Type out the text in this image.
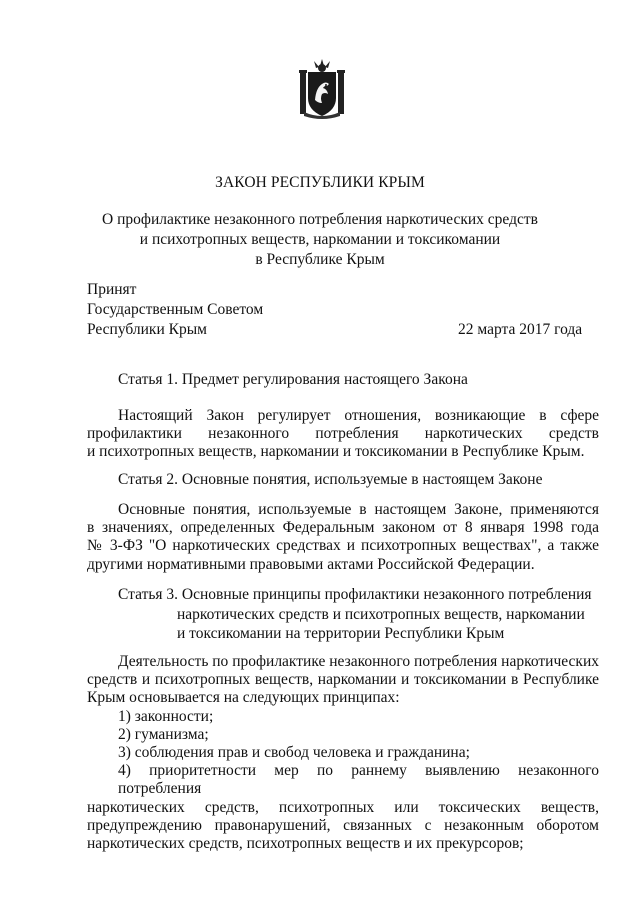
ЗАКОН РЕСПУБЛИКИ КРЫМ
О профилактике незаконного потребления наркотических средств
и психотропных веществ, наркомании и токсикомании
в Республике Крым
Принят
Государственным Советом
Республики Крым	22 марта 2017 года
Статья 1. Предмет регулирования настоящего Закона
Настоящий Закон регулирует отношения, возникающие в сфере
профилактики незаконного потребления наркотических средств
и психотропных веществ, наркомании и токсикомании в Республике Крым.
Статья 2. Основные понятия, используемые в настоящем Законе
Основные понятия, используемые в настоящем Законе, применяются
в значениях, определенных Федеральным законом от 8 января 1998 года
№ 3-ФЗ "О наркотических средствах и психотропных веществах", а также
другими нормативными правовыми актами Российской Федерации.
Статья 3. Основные принципы профилактики незаконного потребления
наркотических средств и психотропных веществ, наркомании
и токсикомании на территории Республики Крым
Деятельность по профилактике незаконного потребления наркотических
средств и психотропных веществ, наркомании и токсикомании в Республике
Крым основывается на следующих принципах:
1) законности;
2) гуманизма;
3) соблюдения прав и свобод человека и гражданина;
4) приоритетности мер по раннему выявлению незаконного потребления
наркотических средств, психотропных или токсических веществ,
предупреждению правонарушений, связанных с незаконным оборотом
наркотических средств, психотропных веществ и их прекурсоров;
